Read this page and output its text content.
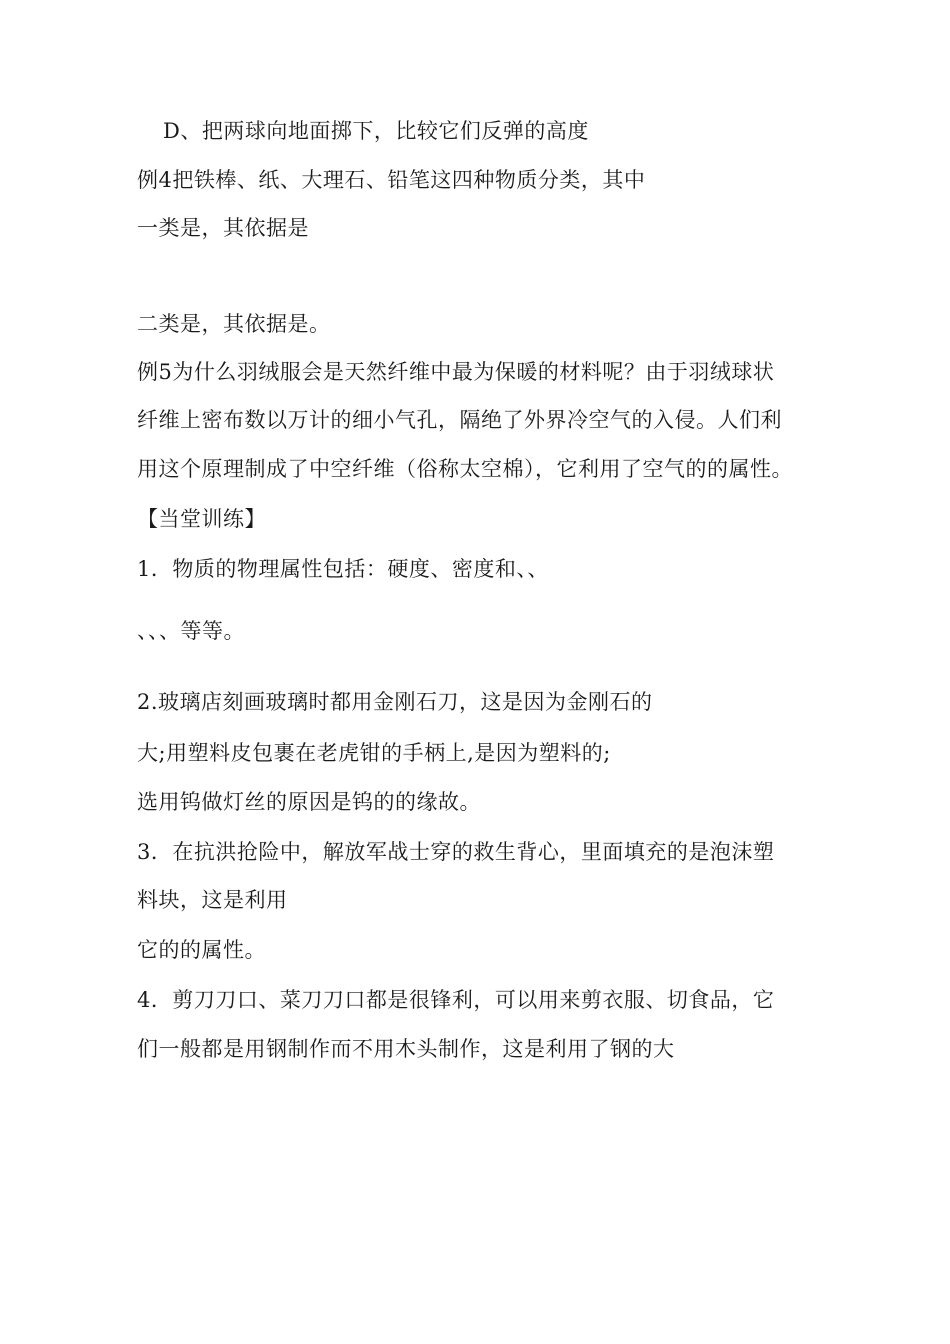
D、把两球向地面掷下，比较它们反弹的高度
例4把铁棒、纸、大理石、铅笔这四种物质分类，其中
一类是，其依据是
二类是，其依据是。
例5为什么羽绒服会是天然纤维中最为保暖的材料呢？由于羽绒球状
纤维上密布数以万计的细小气孔，隔绝了外界冷空气的入侵。人们利
用这个原理制成了中空纤维（俗称太空棉），它利用了空气的的属性。
【当堂训练】
1．物质的物理属性包括：硬度、密度和、、
、、、等等。
2.玻璃店刻画玻璃时都用金刚石刀，这是因为金刚石的
大;用塑料皮包裹在老虎钳的手柄上,是因为塑料的;
选用钨做灯丝的原因是钨的的缘故。
3．在抗洪抢险中，解放军战士穿的救生背心，里面填充的是泡沫塑
料块，这是利用
它的的属性。
4．剪刀刀口、菜刀刀口都是很锋利，可以用来剪衣服、切食品，它
们一般都是用钢制作而不用木头制作，这是利用了钢的大
